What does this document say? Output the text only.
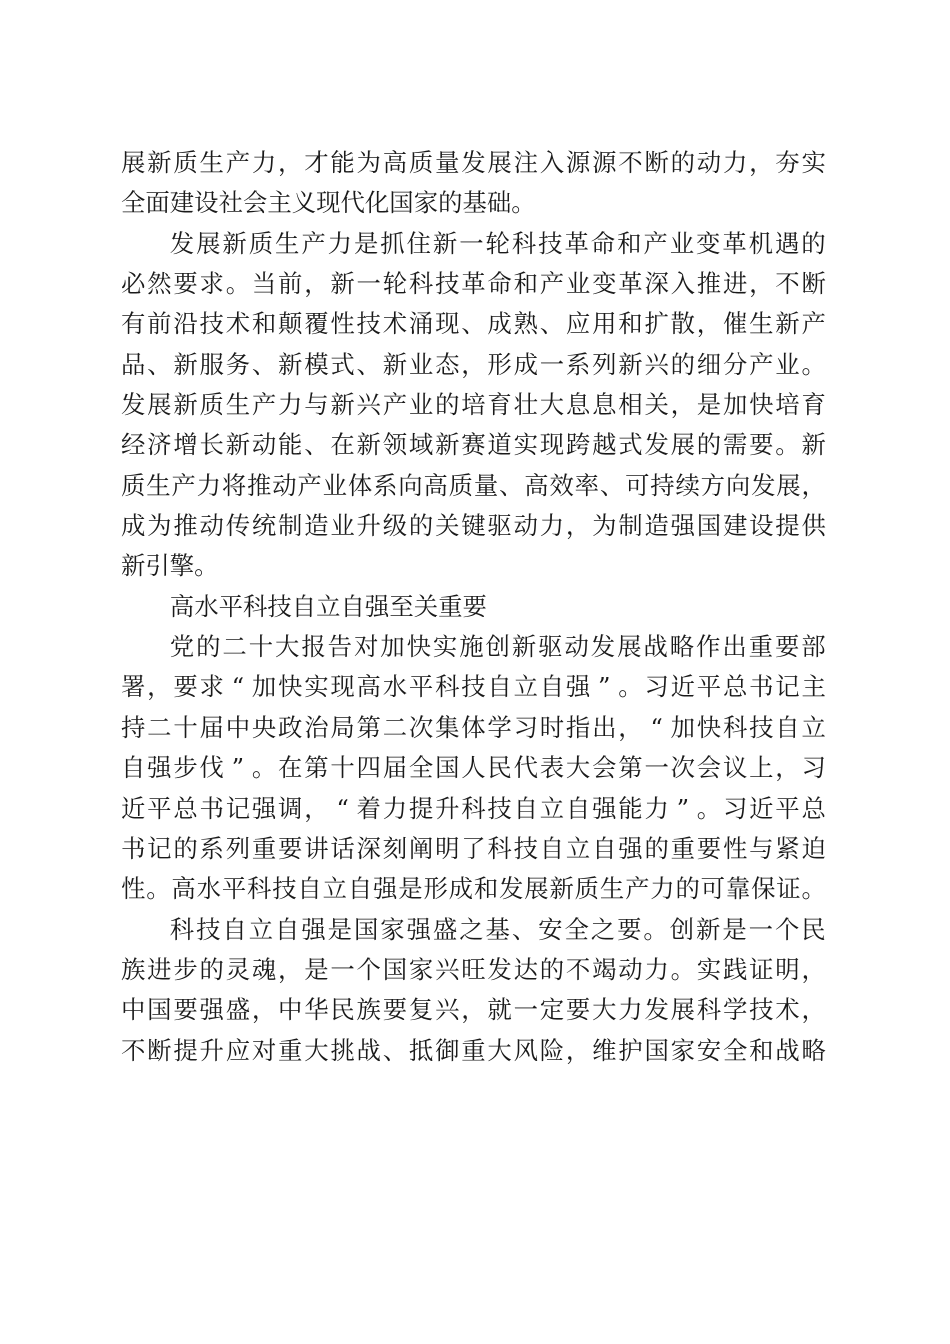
展 新 质 生 产 力 ， 才 能 为 高 质 量 发 展 注 入 源 源 不 断 的 动 力 ， 夯 实
全 面 建 设 社 会 主 义 现 代 化 国 家 的 基 础 。
发 展 新 质 生 产 力 是 抓 住 新 一 轮 科 技 革 命 和 产 业 变 革 机 遇 的
必 然 要 求 。 当 前 ， 新 一 轮 科 技 革 命 和 产 业 变 革 深 入 推 进 ， 不 断
有 前 沿 技 术 和 颠 覆 性 技 术 涌 现 、 成 熟 、 应 用 和 扩 散 ， 催 生 新 产
品 、 新 服 务 、 新 模 式 、 新 业 态 ， 形 成 一 系 列 新 兴 的 细 分 产 业 。
发 展 新 质 生 产 力 与 新 兴 产 业 的 培 育 壮 大 息 息 相 关 ， 是 加 快 培 育
经 济 增 长 新 动 能 、 在 新 领 域 新 赛 道 实 现 跨 越 式 发 展 的 需 要 。 新
质 生 产 力 将 推 动 产 业 体 系 向 高 质 量 、 高 效 率 、 可 持 续 方 向 发 展 ，
成 为 推 动 传 统 制 造 业 升 级 的 关 键 驱 动 力 ， 为 制 造 强 国 建 设 提 供
新 引 擎 。
高 水 平 科 技 自 立 自 强 至 关 重 要
党 的 二 十 大 报 告 对 加 快 实 施 创 新 驱 动 发 展 战 略 作 出 重 要 部
署 ， 要 求 “ 加 快 实 现 高 水 平 科 技 自 立 自 强 ” 。 习 近 平 总 书 记 主
持 二 十 届 中 央 政 治 局 第 二 次 集 体 学 习 时 指 出 ， “ 加 快 科 技 自 立
自 强 步 伐 ” 。 在 第 十 四 届 全 国 人 民 代 表 大 会 第 一 次 会 议 上 ， 习
近 平 总 书 记 强 调 ， “ 着 力 提 升 科 技 自 立 自 强 能 力 ” 。 习 近 平 总
书 记 的 系 列 重 要 讲 话 深 刻 阐 明 了 科 技 自 立 自 强 的 重 要 性 与 紧 迫
性 。 高 水 平 科 技 自 立 自 强 是 形 成 和 发 展 新 质 生 产 力 的 可 靠 保 证 。
科 技 自 立 自 强 是 国 家 强 盛 之 基 、 安 全 之 要 。 创 新 是 一 个 民
族 进 步 的 灵 魂 ， 是 一 个 国 家 兴 旺 发 达 的 不 竭 动 力 。 实 践 证 明 ，
中 国 要 强 盛 ， 中 华 民 族 要 复 兴 ， 就 一 定 要 大 力 发 展 科 学 技 术 ，
不 断 提 升 应 对 重 大 挑 战 、 抵 御 重 大 风 险 ， 维 护 国 家 安 全 和 战 略
